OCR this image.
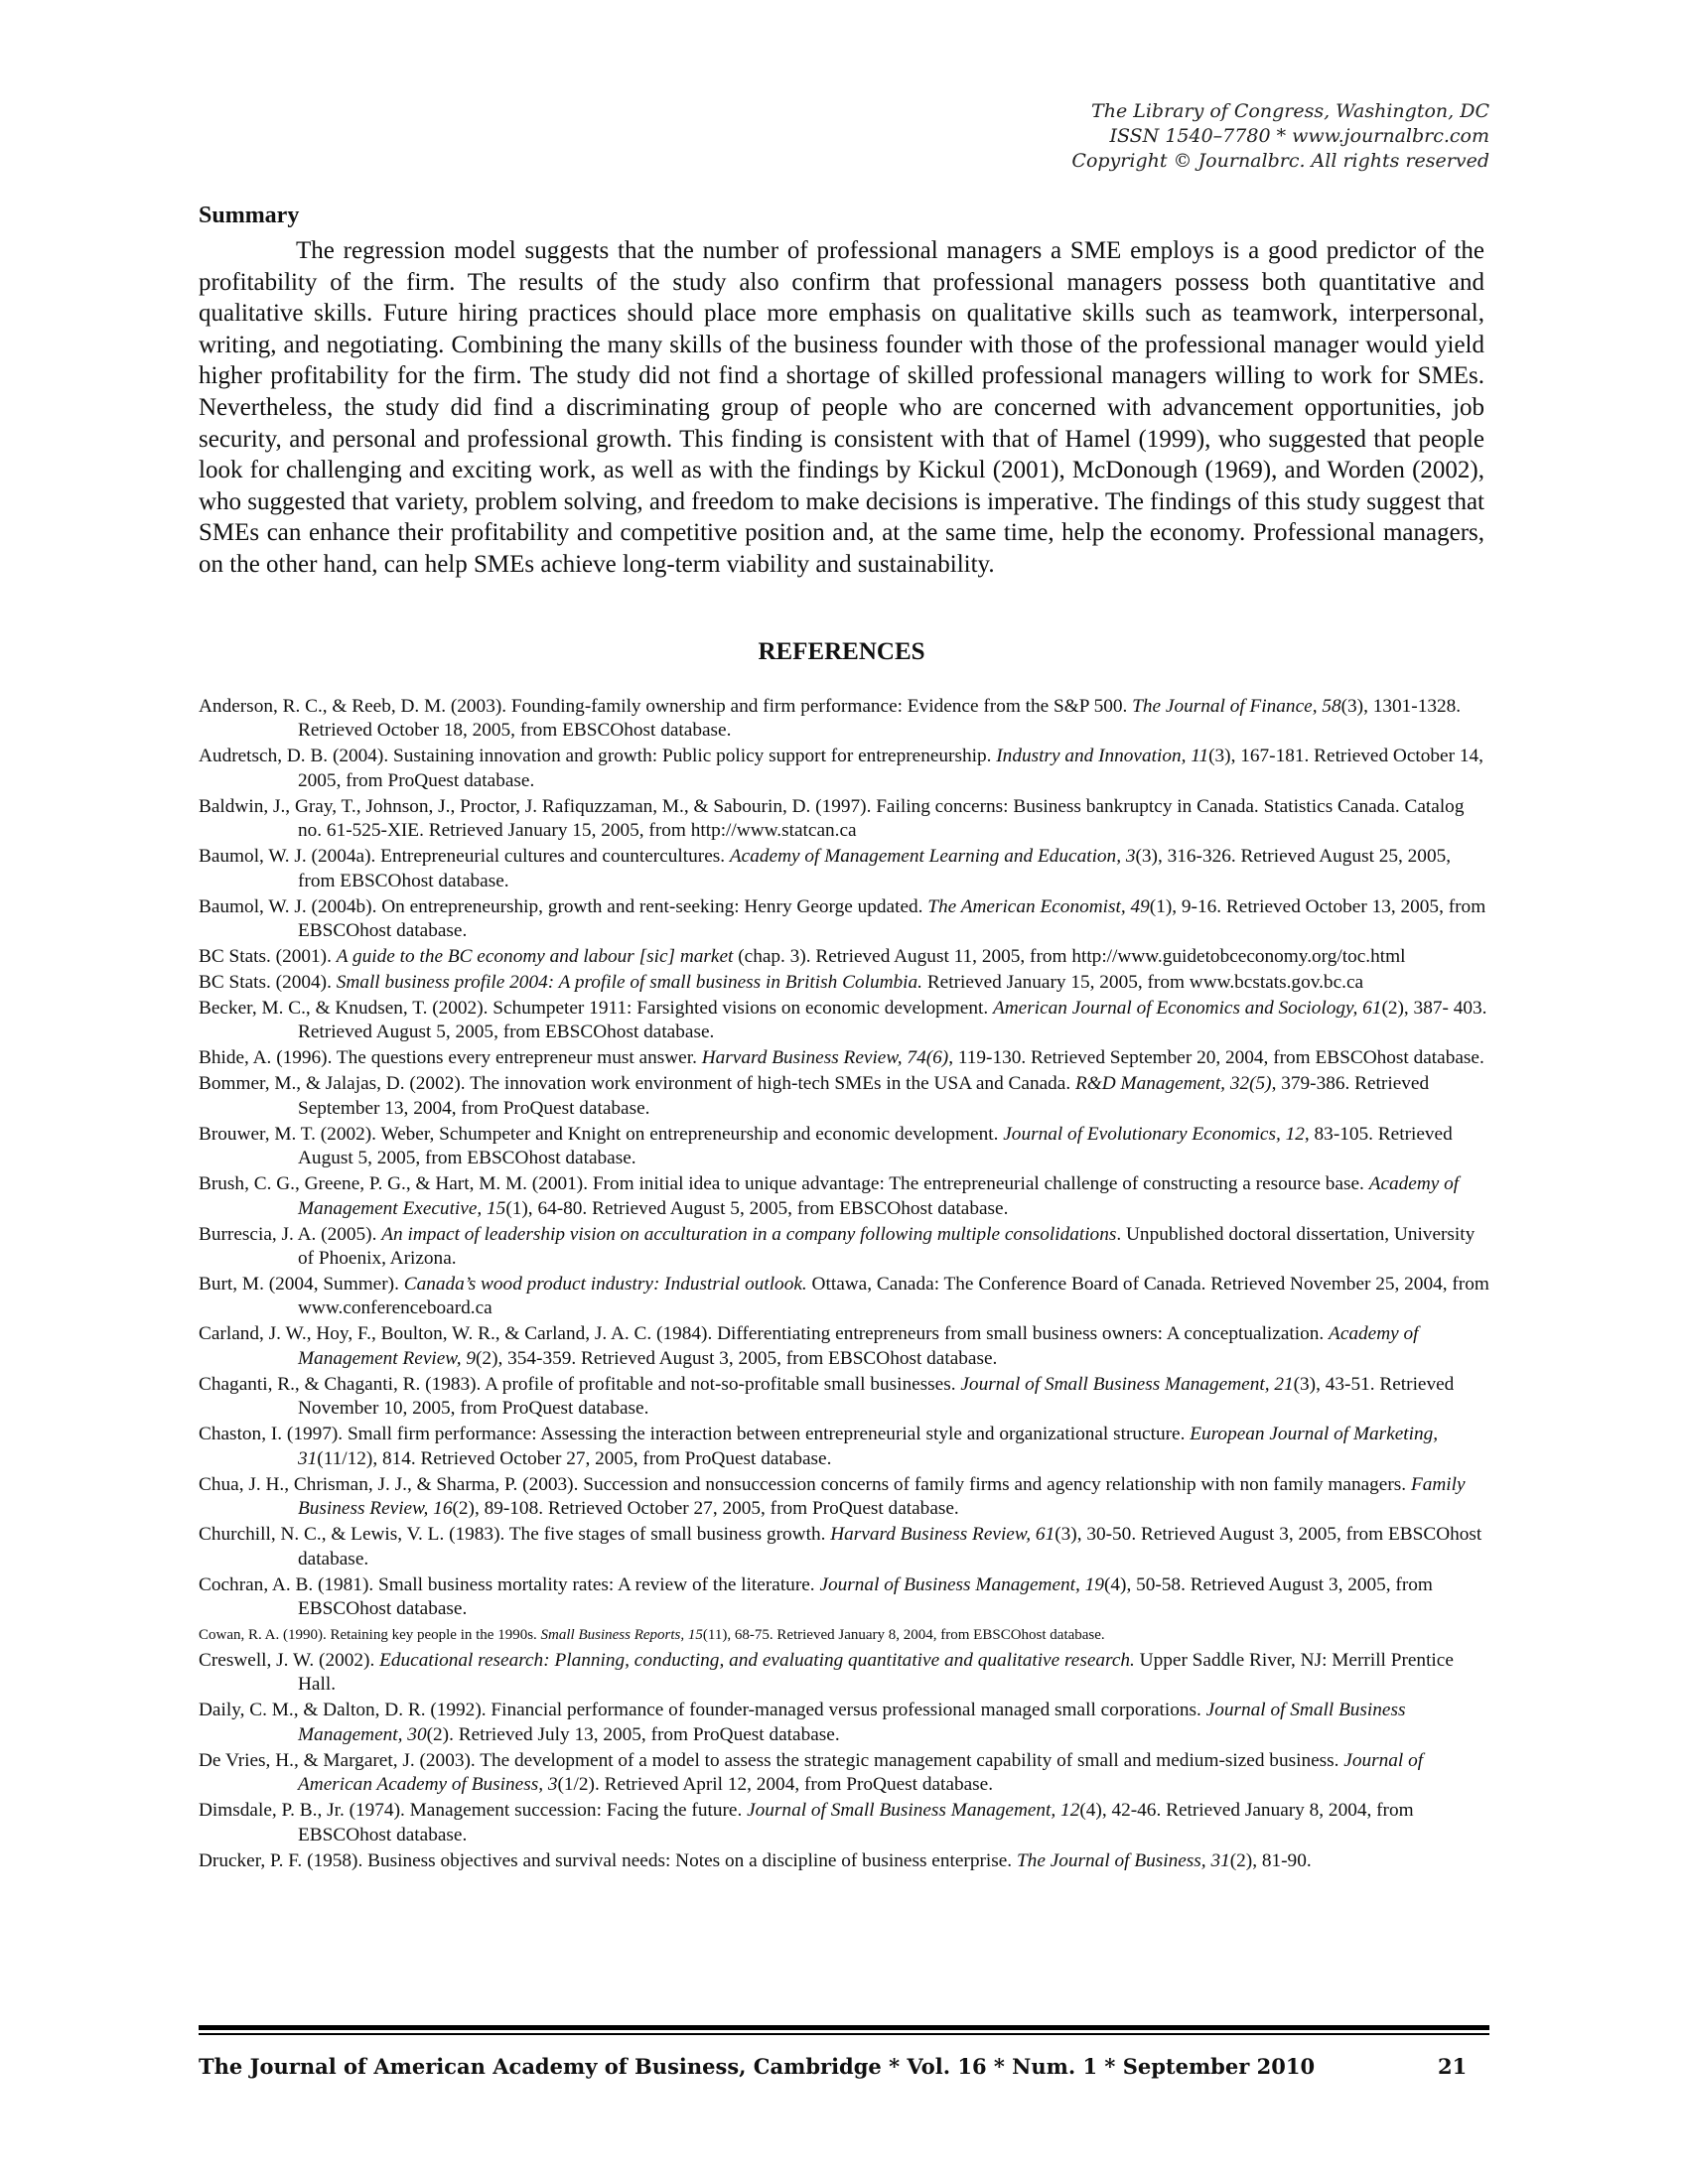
The Library of Congress, Washington, DC
ISSN 1540–7780 * www.journalbrc.com
Copyright © Journalbrc. All rights reserved
Summary
The regression model suggests that the number of professional managers a SME employs is a good predictor of the profitability of the firm. The results of the study also confirm that professional managers possess both quantitative and qualitative skills. Future hiring practices should place more emphasis on qualitative skills such as teamwork, interpersonal, writing, and negotiating. Combining the many skills of the business founder with those of the professional manager would yield higher profitability for the firm. The study did not find a shortage of skilled professional managers willing to work for SMEs. Nevertheless, the study did find a discriminating group of people who are concerned with advancement opportunities, job security, and personal and professional growth. This finding is consistent with that of Hamel (1999), who suggested that people look for challenging and exciting work, as well as with the findings by Kickul (2001), McDonough (1969), and Worden (2002), who suggested that variety, problem solving, and freedom to make decisions is imperative. The findings of this study suggest that SMEs can enhance their profitability and competitive position and, at the same time, help the economy. Professional managers, on the other hand, can help SMEs achieve long-term viability and sustainability.
REFERENCES
Anderson, R. C., & Reeb, D. M. (2003). Founding-family ownership and firm performance: Evidence from the S&P 500. The Journal of Finance, 58(3), 1301-1328. Retrieved October 18, 2005, from EBSCOhost database.
Audretsch, D. B. (2004). Sustaining innovation and growth: Public policy support for entrepreneurship. Industry and Innovation, 11(3), 167-181. Retrieved October 14, 2005, from ProQuest database.
Baldwin, J., Gray, T., Johnson, J., Proctor, J. Rafiquzzaman, M., & Sabourin, D. (1997). Failing concerns: Business bankruptcy in Canada. Statistics Canada. Catalog no. 61-525-XIE. Retrieved January 15, 2005, from http://www.statcan.ca
Baumol, W. J. (2004a). Entrepreneurial cultures and countercultures. Academy of Management Learning and Education, 3(3), 316-326. Retrieved August 25, 2005, from EBSCOhost database.
Baumol, W. J. (2004b). On entrepreneurship, growth and rent-seeking: Henry George updated. The American Economist, 49(1), 9-16. Retrieved October 13, 2005, from EBSCOhost database.
BC Stats. (2001). A guide to the BC economy and labour [sic] market (chap. 3). Retrieved August 11, 2005, from http://www.guidetobceconomy.org/toc.html
BC Stats. (2004). Small business profile 2004: A profile of small business in British Columbia. Retrieved January 15, 2005, from www.bcstats.gov.bc.ca
Becker, M. C., & Knudsen, T. (2002). Schumpeter 1911: Farsighted visions on economic development. American Journal of Economics and Sociology, 61(2), 387- 403. Retrieved August 5, 2005, from EBSCOhost database.
Bhide, A. (1996). The questions every entrepreneur must answer. Harvard Business Review, 74(6), 119-130. Retrieved September 20, 2004, from EBSCOhost database.
Bommer, M., & Jalajas, D. (2002). The innovation work environment of high-tech SMEs in the USA and Canada. R&D Management, 32(5), 379-386. Retrieved September 13, 2004, from ProQuest database.
Brouwer, M. T. (2002). Weber, Schumpeter and Knight on entrepreneurship and economic development. Journal of Evolutionary Economics, 12, 83-105. Retrieved August 5, 2005, from EBSCOhost database.
Brush, C. G., Greene, P. G., & Hart, M. M. (2001). From initial idea to unique advantage: The entrepreneurial challenge of constructing a resource base. Academy of Management Executive, 15(1), 64-80. Retrieved August 5, 2005, from EBSCOhost database.
Burrescia, J. A. (2005). An impact of leadership vision on acculturation in a company following multiple consolidations. Unpublished doctoral dissertation, University of Phoenix, Arizona.
Burt, M. (2004, Summer). Canada’s wood product industry: Industrial outlook. Ottawa, Canada: The Conference Board of Canada. Retrieved November 25, 2004, from www.conferenceboard.ca
Carland, J. W., Hoy, F., Boulton, W. R., & Carland, J. A. C. (1984). Differentiating entrepreneurs from small business owners: A conceptualization. Academy of Management Review, 9(2), 354-359. Retrieved August 3, 2005, from EBSCOhost database.
Chaganti, R., & Chaganti, R. (1983). A profile of profitable and not-so-profitable small businesses. Journal of Small Business Management, 21(3), 43-51. Retrieved November 10, 2005, from ProQuest database.
Chaston, I. (1997). Small firm performance: Assessing the interaction between entrepreneurial style and organizational structure. European Journal of Marketing, 31(11/12), 814. Retrieved October 27, 2005, from ProQuest database.
Chua, J. H., Chrisman, J. J., & Sharma, P. (2003). Succession and nonsuccession concerns of family firms and agency relationship with non family managers. Family Business Review, 16(2), 89-108. Retrieved October 27, 2005, from ProQuest database.
Churchill, N. C., & Lewis, V. L. (1983). The five stages of small business growth. Harvard Business Review, 61(3), 30-50. Retrieved August 3, 2005, from EBSCOhost database.
Cochran, A. B. (1981). Small business mortality rates: A review of the literature. Journal of Business Management, 19(4), 50-58. Retrieved August 3, 2005, from EBSCOhost database.
Cowan, R. A. (1990). Retaining key people in the 1990s. Small Business Reports, 15(11), 68-75. Retrieved January 8, 2004, from EBSCOhost database.
Creswell, J. W. (2002). Educational research: Planning, conducting, and evaluating quantitative and qualitative research. Upper Saddle River, NJ: Merrill Prentice Hall.
Daily, C. M., & Dalton, D. R. (1992). Financial performance of founder-managed versus professional managed small corporations. Journal of Small Business Management, 30(2). Retrieved July 13, 2005, from ProQuest database.
De Vries, H., & Margaret, J. (2003). The development of a model to assess the strategic management capability of small and medium-sized business. Journal of American Academy of Business, 3(1/2). Retrieved April 12, 2004, from ProQuest database.
Dimsdale, P. B., Jr. (1974). Management succession: Facing the future. Journal of Small Business Management, 12(4), 42-46. Retrieved January 8, 2004, from EBSCOhost database.
Drucker, P. F. (1958). Business objectives and survival needs: Notes on a discipline of business enterprise. The Journal of Business, 31(2), 81-90.
The Journal of American Academy of Business, Cambridge * Vol. 16 * Num. 1 * September 2010	21
